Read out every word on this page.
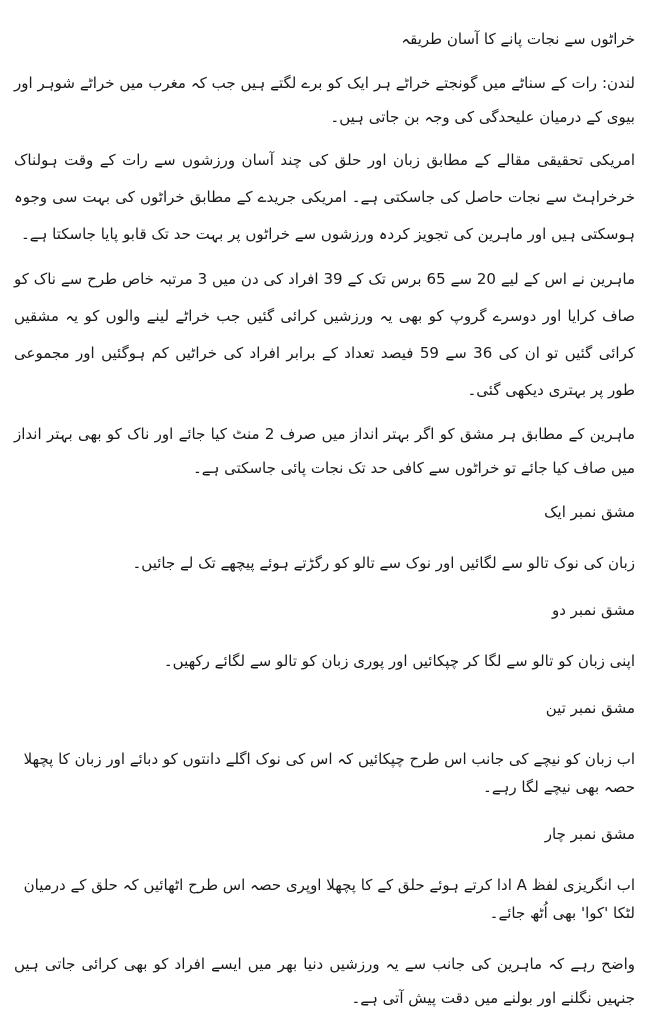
خراٹوں سے نجات پانے کا آسان طریقہ

لندن: رات کے سناٹے میں گونجتے خراٹے ہر ایک کو برے لگتے ہیں جب کہ مغرب میں خراٹے شوہر اور بیوی کے درمیان علیحدگی کی وجہ بن جاتی ہیں۔

امریکی تحقیقی مقالے کے مطابق زبان اور حلق کی چند آسان ورزشوں سے رات کے وقت ہولناک خرخراہٹ سے نجات حاصل کی جاسکتی ہے۔ امریکی جریدے کے مطابق خراٹوں کی بہت سی وجوہ ہوسکتی ہیں اور ماہرین کی تجویز کردہ ورزشوں سے خراٹوں پر بہت حد تک قابو پایا جاسکتا ہے۔

ماہرین نے اس کے لیے 20 سے 65 برس تک کے 39 افراد کی دن میں 3 مرتبہ خاص طرح سے ناک کو صاف کرایا اور دوسرے گروپ کو بھی یہ ورزشیں کرائی گئیں جب خراٹے لینے والوں کو یہ مشقیں کرائی گئیں تو ان کی 36 سے 59 فیصد تعداد کے برابر افراد کی خراٹیں کم ہوگئیں اور مجموعی طور پر بہتری دیکھی گئی۔

ماہرین کے مطابق ہر مشق کو اگر بہتر انداز میں صرف 2 منٹ کیا جائے اور ناک کو بھی بہتر انداز میں صاف کیا جائے تو خراٹوں سے کافی حد تک نجات پائی جاسکتی ہے۔

مشق نمبر ایک
زبان کی نوک تالو سے لگائیں اور نوک سے تالو کو رگڑتے ہوئے پیچھے تک لے جائیں۔
مشق نمبر دو
اپنی زبان کو تالو سے لگا کر چپکائیں اور پوری زبان کو تالو سے لگائے رکھیں۔
مشق نمبر تین
اب زبان کو نیچے کی جانب اس طرح چپکائیں کہ اس کی نوک اگلے دانتوں کو دبائے اور زبان کا پچھلا حصہ بھی نیچے لگا رہے۔
مشق نمبر چار
اب انگریزی لفظ A ادا کرتے ہوئے حلق کے کا پچھلا اوپری حصہ اس طرح اٹھائیں کہ حلق کے درمیان لٹکا 'کوا' بھی اُٹھ جائے۔

واضح رہے کہ ماہرین کی جانب سے یہ ورزشیں دنیا بھر میں ایسے افراد کو بھی کرائی جاتی ہیں جنہیں نگلنے اور بولنے میں دقت پیش آتی ہے۔
